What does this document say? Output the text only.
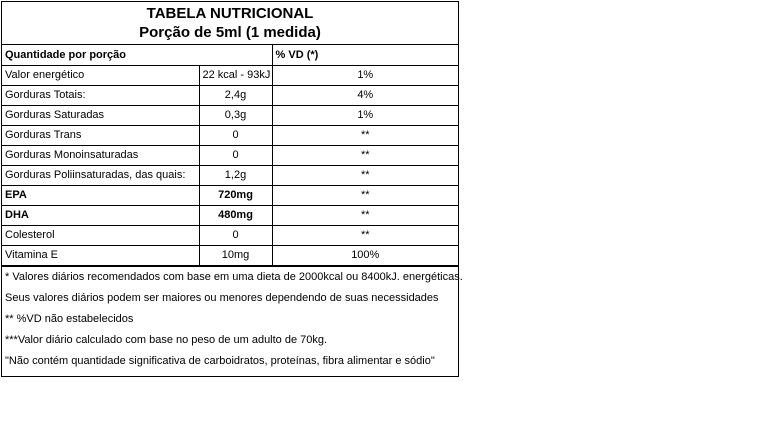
TABELA NUTRICIONAL
Porção de 5ml (1 medida)
Quantidade por porção		% VD (*)
Valor energético	22 kcal - 93kJ	1%
Gorduras Totais:	2,4g	4%
Gorduras Saturadas	0,3g	1%
Gorduras Trans	0	**
Gorduras Monoinsaturadas	0	**
Gorduras Poliinsaturadas, das quais:	1,2g	**
EPA	720mg	**
DHA	480mg	**
Colesterol	0	**
Vitamina E	10mg	100%
* Valores diários recomendados com base em uma dieta de 2000kcal ou 8400kJ. energéticas.
Seus valores diários podem ser maiores ou menores dependendo de suas necessidades
** %VD não estabelecidos
***Valor diário calculado com base no peso de um adulto de 70kg.
"Não contém quantidade significativa de carboidratos, proteínas, fibra alimentar e sódio"
